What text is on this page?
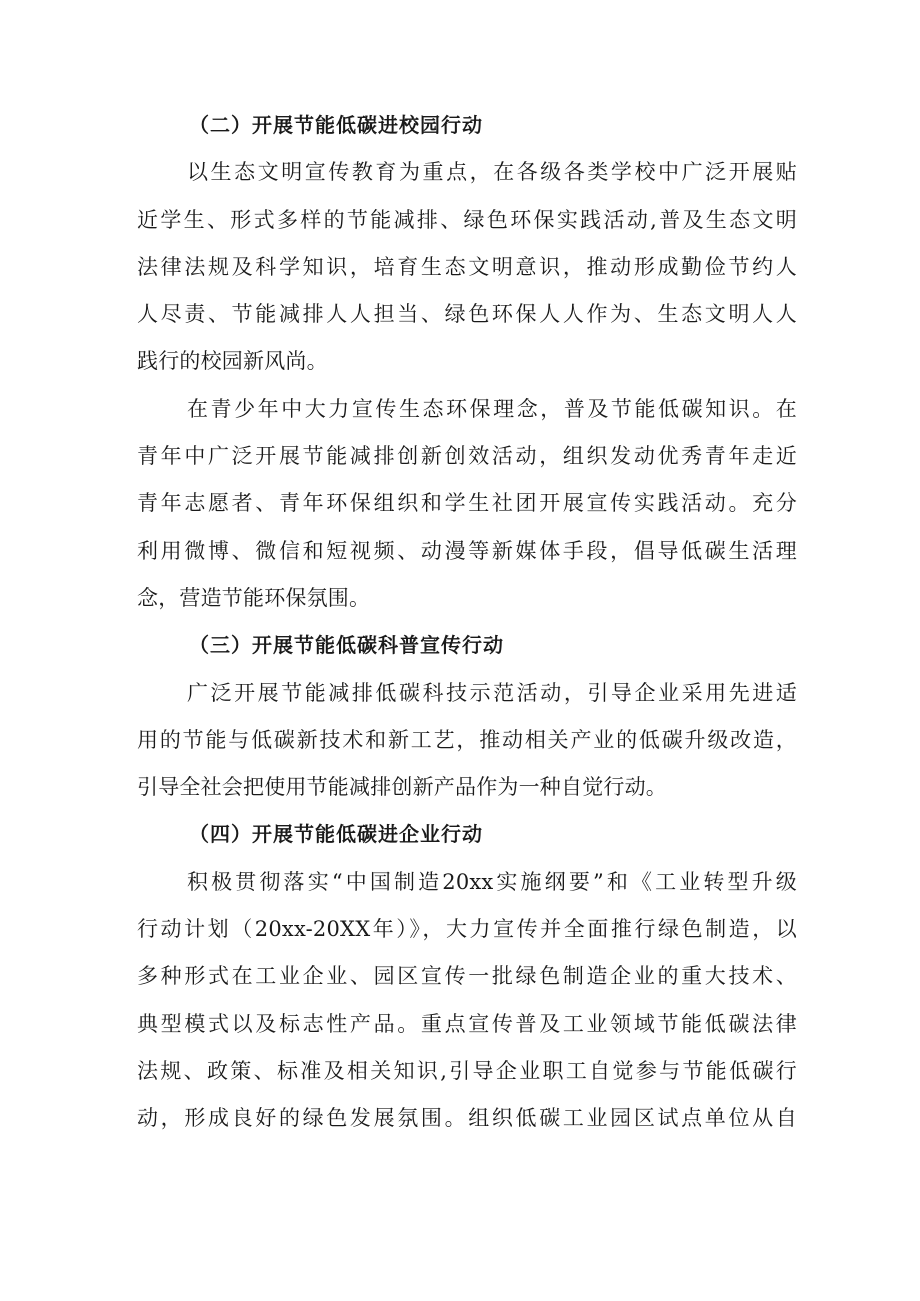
（二）开展节能低碳进校园行动

以生态文明宣传教育为重点，在各级各类学校中广泛开展贴

近学生、形式多样的节能减排、绿色环保实践活动,普及生态文明

法律法规及科学知识，培育生态文明意识，推动形成勤俭节约人

人尽责、节能减排人人担当、绿色环保人人作为、生态文明人人

践行的校园新风尚。

在青少年中大力宣传生态环保理念，普及节能低碳知识。在

青年中广泛开展节能减排创新创效活动，组织发动优秀青年走近

青年志愿者、青年环保组织和学生社团开展宣传实践活动。充分

利用微博、微信和短视频、动漫等新媒体手段，倡导低碳生活理

念，营造节能环保氛围。

（三）开展节能低碳科普宣传行动

广泛开展节能减排低碳科技示范活动，引导企业采用先进适

用的节能与低碳新技术和新工艺，推动相关产业的低碳升级改造，

引导全社会把使用节能减排创新产品作为一种自觉行动。

（四）开展节能低碳进企业行动

积极贯彻落实“中国制造20xx实施纲要”和《工业转型升级

行动计划（20xx-20XX年）》，大力宣传并全面推行绿色制造，以

多种形式在工业企业、园区宣传一批绿色制造企业的重大技术、

典型模式以及标志性产品。重点宣传普及工业领域节能低碳法律

法规、政策、标准及相关知识,引导企业职工自觉参与节能低碳行

动，形成良好的绿色发展氛围。组织低碳工业园区试点单位从自
